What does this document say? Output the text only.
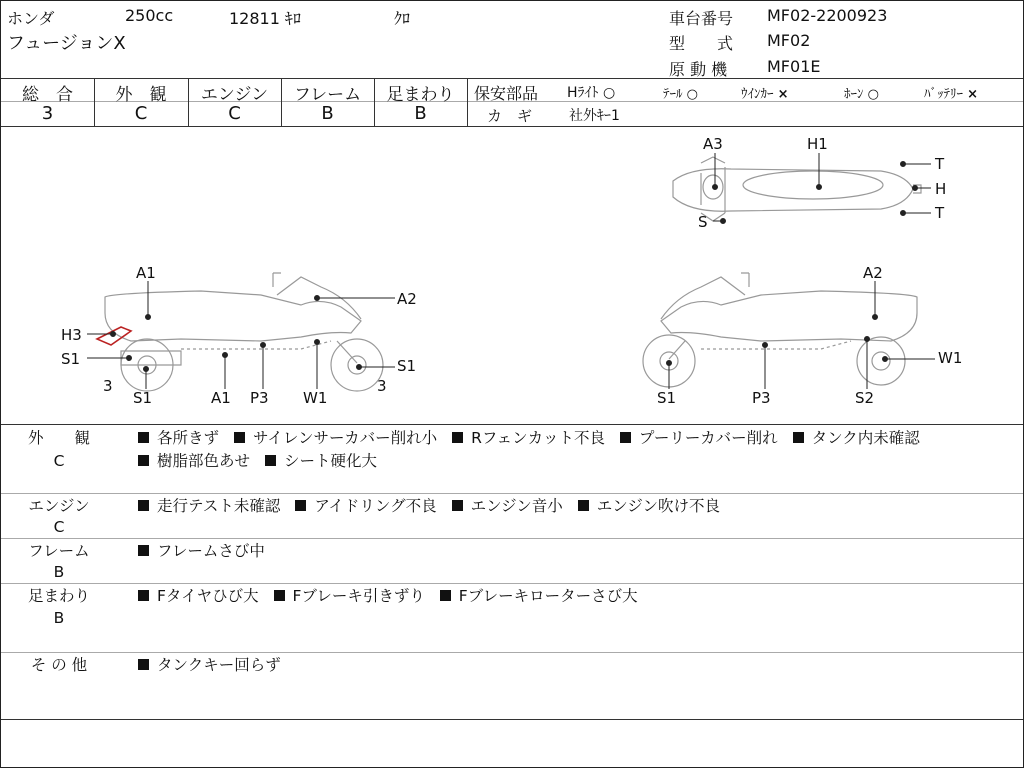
ホンダ	250cc	12811 ｷﾛ	ｸﾛ
フュージョンX
車台番号 MF02-2200923
型　　式 MF02
原 動 機 MF01E
総　合
3
外　観
C
エンジン
C
フレーム
B
足まわり
B
保安部品 Hﾗｲﾄ ○	ﾃｰﾙ ○	ｳｲﾝｶｰ ×	ﾎｰﾝ ○	ﾊﾞｯﾃﾘｰ ×
カ　ギ	社外ｷｰ1
A3	H1
T
H
T
S
A1
A2
H3
S1	S1
3	3
S1	A1 P3 W1
A2
W1
S1	P3	S2
外　　観
C
各所きず サイレンサーカバー削れ小 Rフェンカット不良 プーリーカバー削れ タンク内未確認
樹脂部色あせ シート硬化大
エンジン
C
走行テスト未確認 アイドリング不良 エンジン音小 エンジン吹け不良
フレーム
B
フレームさび中
足まわり
B
Fタイヤひび大 Fブレーキ引きずり Fブレーキローターさび大
そ の 他	タンクキー回らず
